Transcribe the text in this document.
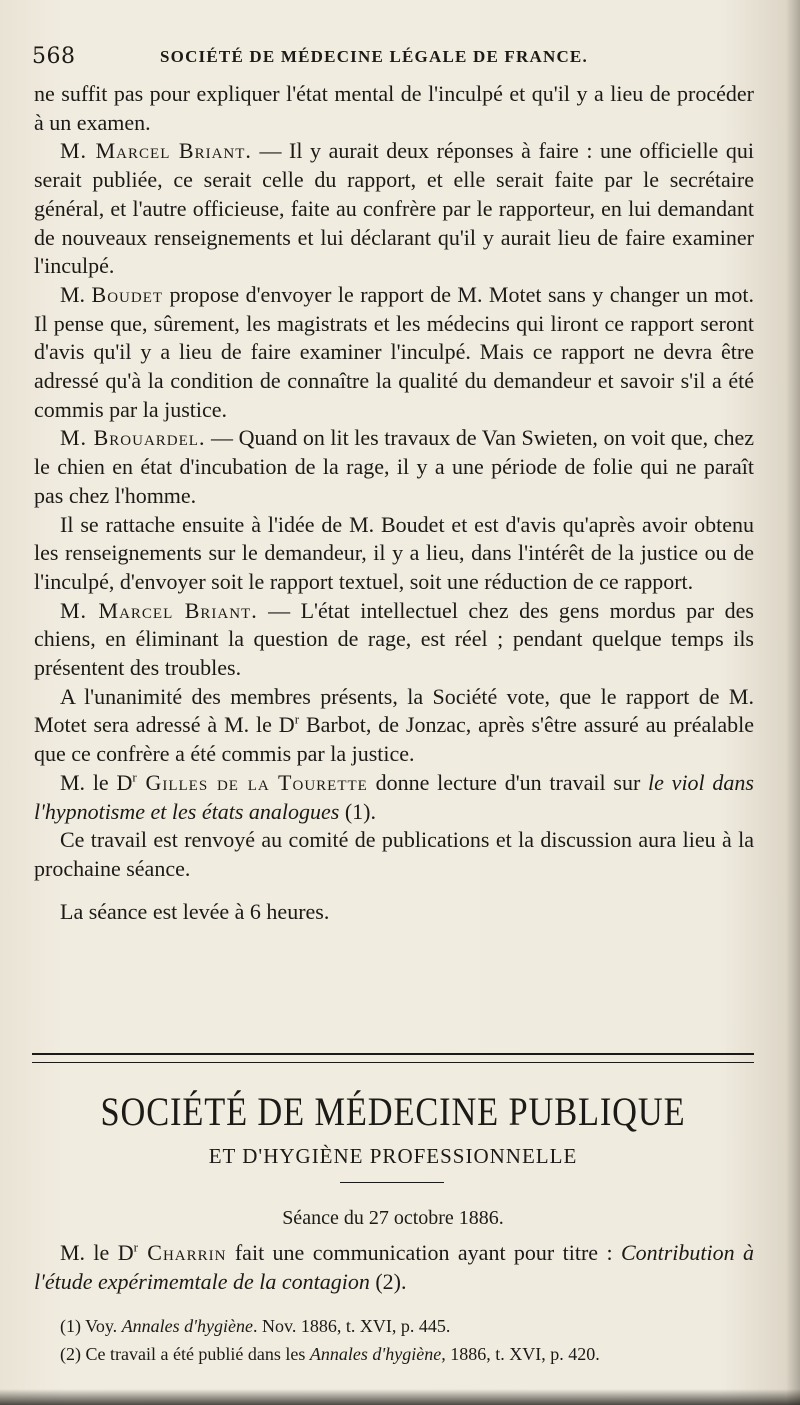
568	SOCIÉTÉ DE MÉDECINE LÉGALE DE FRANCE.

ne suffit pas pour expliquer l'état mental de l'inculpé et qu'il y a lieu de procéder à un examen.

M. Marcel Briant. — Il y aurait deux réponses à faire : une officielle qui serait publiée, ce serait celle du rapport, et elle serait faite par le secrétaire général, et l'autre officieuse, faite au confrère par le rapporteur, en lui demandant de nouveaux renseignements et lui déclarant qu'il y aurait lieu de faire examiner l'inculpé.

M. Boudet propose d'envoyer le rapport de M. Motet sans y changer un mot. Il pense que, sûrement, les magistrats et les médecins qui liront ce rapport seront d'avis qu'il y a lieu de faire examiner l'inculpé. Mais ce rapport ne devra être adressé qu'à la condition de connaître la qualité du demandeur et savoir s'il a été commis par la justice.

M. Brouardel. — Quand on lit les travaux de Van Swieten, on voit que, chez le chien en état d'incubation de la rage, il y a une période de folie qui ne paraît pas chez l'homme.

Il se rattache ensuite à l'idée de M. Boudet et est d'avis qu'après avoir obtenu les renseignements sur le demandeur, il y a lieu, dans l'intérêt de la justice ou de l'inculpé, d'envoyer soit le rapport textuel, soit une réduction de ce rapport.

M. Marcel Briant. — L'état intellectuel chez des gens mordus par des chiens, en éliminant la question de rage, est réel ; pendant quelque temps ils présentent des troubles.

A l'unanimité des membres présents, la Société vote, que le rapport de M. Motet sera adressé à M. le $D^r$ Barbot, de Jonzac, après s'être assuré au préalable que ce confrère a été commis par la justice.

M. le $D^r$ Gilles de la Tourette donne lecture d'un travail sur le viol dans l'hypnotisme et les états analogues (1).

Ce travail est renvoyé au comité de publications et la discussion aura lieu à la prochaine séance.

La séance est levée à 6 heures.

SOCIÉTÉ DE MÉDECINE PUBLIQUE
ET D'HYGIÈNE PROFESSIONNELLE
Séance du 27 octobre 1886.

M. le $D^r$ Charrin fait une communication ayant pour titre : Contribution à l'étude expérimemtale de la contagion (2).

(1) Voy. Annales d'hygiène. Nov. 1886, t. XVI, p. 445.

(2) Ce travail a été publié dans les Annales d'hygiène, 1886, t. XVI, p. 420.
